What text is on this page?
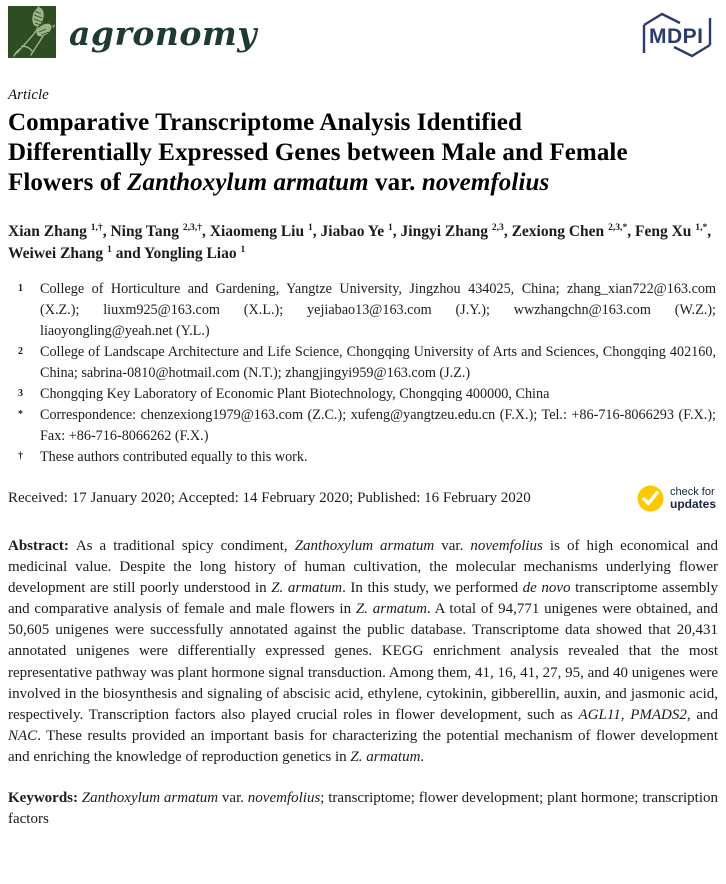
agronomy	MDPI
Article
Comparative Transcriptome Analysis Identified Differentially Expressed Genes between Male and Female Flowers of Zanthoxylum armatum var. novemfolius

Xian Zhang $^{1,\dagger}$, Ning Tang $^{2,3,\dagger}$, Xiaomeng Liu $^1$, Jiabao Ye $^1$, Jingyi Zhang $^{2,3}$, Zexiong Chen $^{2,3,*}$, Feng Xu $^{1,*}$, Weiwei Zhang $^1$ and Yongling Liao $^1$

1	College of Horticulture and Gardening, Yangtze University, Jingzhou 434025, China; zhang_xian722@163.com (X.Z.); liuxm925@163.com (X.L.); yejiabao13@163.com (J.Y.); wwzhangchn@163.com (W.Z.); liaoyongling@yeah.net (Y.L.)
2	College of Landscape Architecture and Life Science, Chongqing University of Arts and Sciences, Chongqing 402160, China; sabrina-0810@hotmail.com (N.T.); zhangjingyi959@163.com (J.Z.)
3	Chongqing Key Laboratory of Economic Plant Biotechnology, Chongqing 400000, China
*	Correspondence: chenzexiong1979@163.com (Z.C.); xufeng@yangtzeu.edu.cn (F.X.); Tel.: +86-716-8066293 (F.X.); Fax: +86-716-8066262 (F.X.)
†	These authors contributed equally to this work.
Received: 17 January 2020; Accepted: 14 February 2020; Published: 16 February 2020	check for
updates

Abstract: As a traditional spicy condiment, Zanthoxylum armatum var. novemfolius is of high economical and medicinal value. Despite the long history of human cultivation, the molecular mechanisms underlying flower development are still poorly understood in Z. armatum. In this study, we performed de novo transcriptome assembly and comparative analysis of female and male flowers in Z. armatum. A total of 94,771 unigenes were obtained, and 50,605 unigenes were successfully annotated against the public database. Transcriptome data showed that 20,431 annotated unigenes were differentially expressed genes. KEGG enrichment analysis revealed that the most representative pathway was plant hormone signal transduction. Among them, 41, 16, 41, 27, 95, and 40 unigenes were involved in the biosynthesis and signaling of abscisic acid, ethylene, cytokinin, gibberellin, auxin, and jasmonic acid, respectively. Transcription factors also played crucial roles in flower development, such as AGL11, PMADS2, and NAC. These results provided an important basis for characterizing the potential mechanism of flower development and enriching the knowledge of reproduction genetics in Z. armatum.

Keywords: Zanthoxylum armatum var. novemfolius; transcriptome; flower development; plant hormone; transcription factors
